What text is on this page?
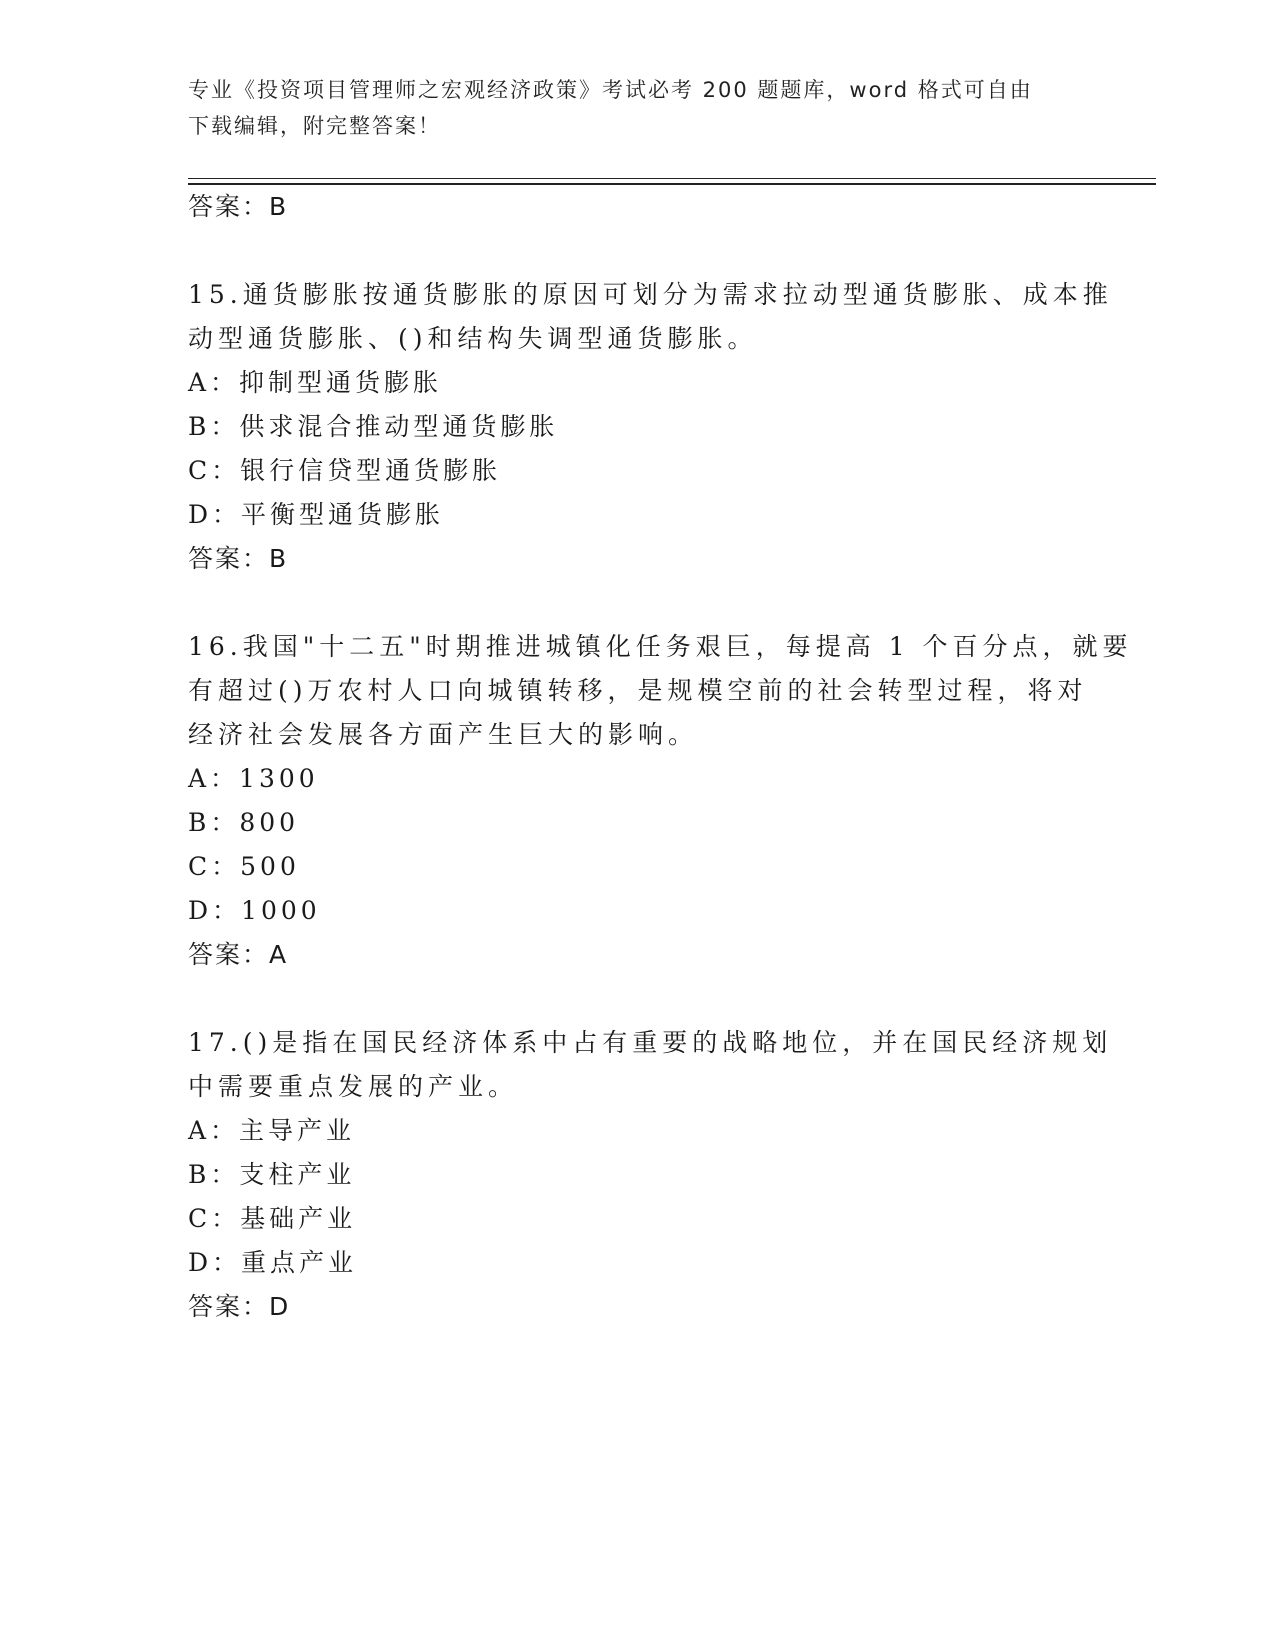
专业《投资项目管理师之宏观经济政策》考试必考 200 题题库，word 格式可自由
下载编辑，附完整答案！
答案：B
15.通货膨胀按通货膨胀的原因可划分为需求拉动型通货膨胀、成本推
动型通货膨胀、()和结构失调型通货膨胀。
A：抑制型通货膨胀
B：供求混合推动型通货膨胀
C：银行信贷型通货膨胀
D：平衡型通货膨胀
答案：B
16.我国"十二五"时期推进城镇化任务艰巨，每提高 1 个百分点，就要
有超过()万农村人口向城镇转移，是规模空前的社会转型过程，将对
经济社会发展各方面产生巨大的影响。
A：1300
B：800
C：500
D：1000
答案：A
17.()是指在国民经济体系中占有重要的战略地位，并在国民经济规划
中需要重点发展的产业。
A：主导产业
B：支柱产业
C：基础产业
D：重点产业
答案：D
